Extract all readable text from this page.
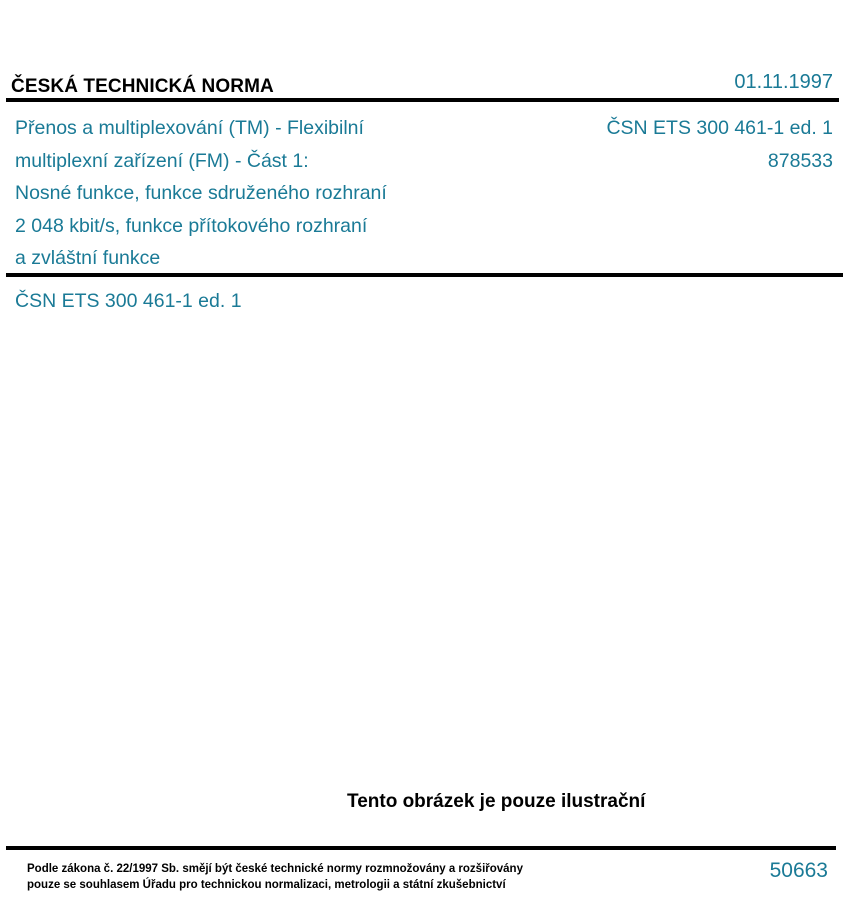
ČESKÁ TECHNICKÁ NORMA	01.11.1997
Přenos a multiplexování (TM) - Flexibilní
multiplexní zařízení (FM) - Část 1:
Nosné funkce, funkce sdruženého rozhraní
2 048 kbit/s, funkce přítokového rozhraní
a zvláštní funkce
ČSN ETS 300 461-1 ed. 1
878533
ČSN ETS 300 461-1 ed. 1
Tento obrázek je pouze ilustrační
Podle zákona č. 22/1997 Sb. smějí být české technické normy rozmnožovány a rozšiřovány
pouze se souhlasem Úřadu pro technickou normalizaci, metrologii a státní zkušebnictví
50663
